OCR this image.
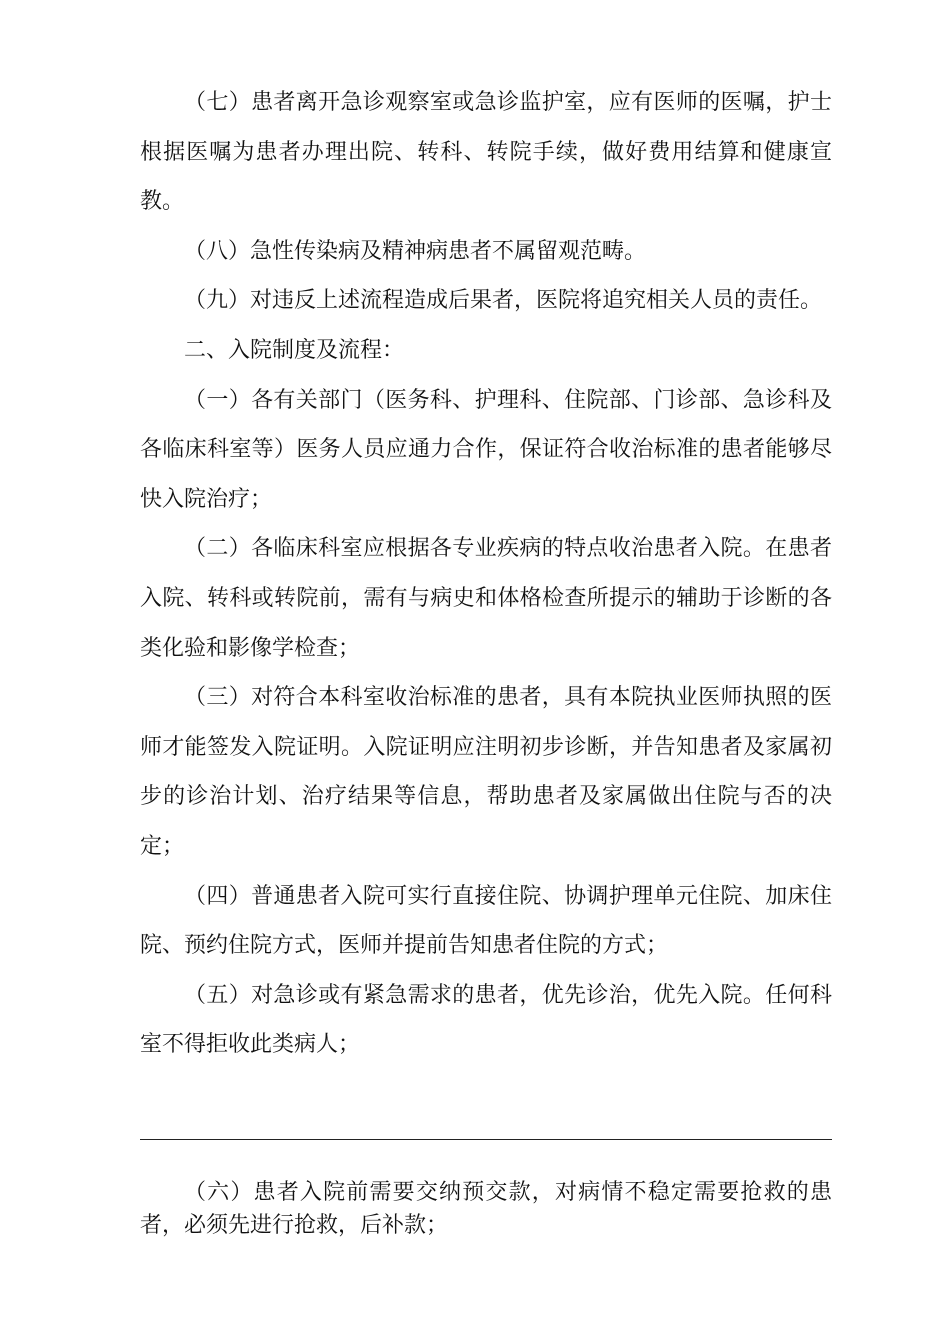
（七）患者离开急诊观察室或急诊监护室，应有医师的医嘱，护士根据医嘱为患者办理出院、转科、转院手续，做好费用结算和健康宣教。

（八）急性传染病及精神病患者不属留观范畴。

（九）对违反上述流程造成后果者，医院将追究相关人员的责任。

二、入院制度及流程：

（一）各有关部门（医务科、护理科、住院部、门诊部、急诊科及各临床科室等）医务人员应通力合作，保证符合收治标准的患者能够尽快入院治疗；

（二）各临床科室应根据各专业疾病的特点收治患者入院。在患者入院、转科或转院前，需有与病史和体格检查所提示的辅助于诊断的各类化验和影像学检查；

（三）对符合本科室收治标准的患者，具有本院执业医师执照的医师才能签发入院证明。入院证明应注明初步诊断，并告知患者及家属初步的诊治计划、治疗结果等信息，帮助患者及家属做出住院与否的决定；

（四）普通患者入院可实行直接住院、协调护理单元住院、加床住院、预约住院方式，医师并提前告知患者住院的方式；

（五）对急诊或有紧急需求的患者，优先诊治，优先入院。任何科室不得拒收此类病人；

（六）患者入院前需要交纳预交款，对病情不稳定需要抢救的患者，必须先进行抢救，后补款；
